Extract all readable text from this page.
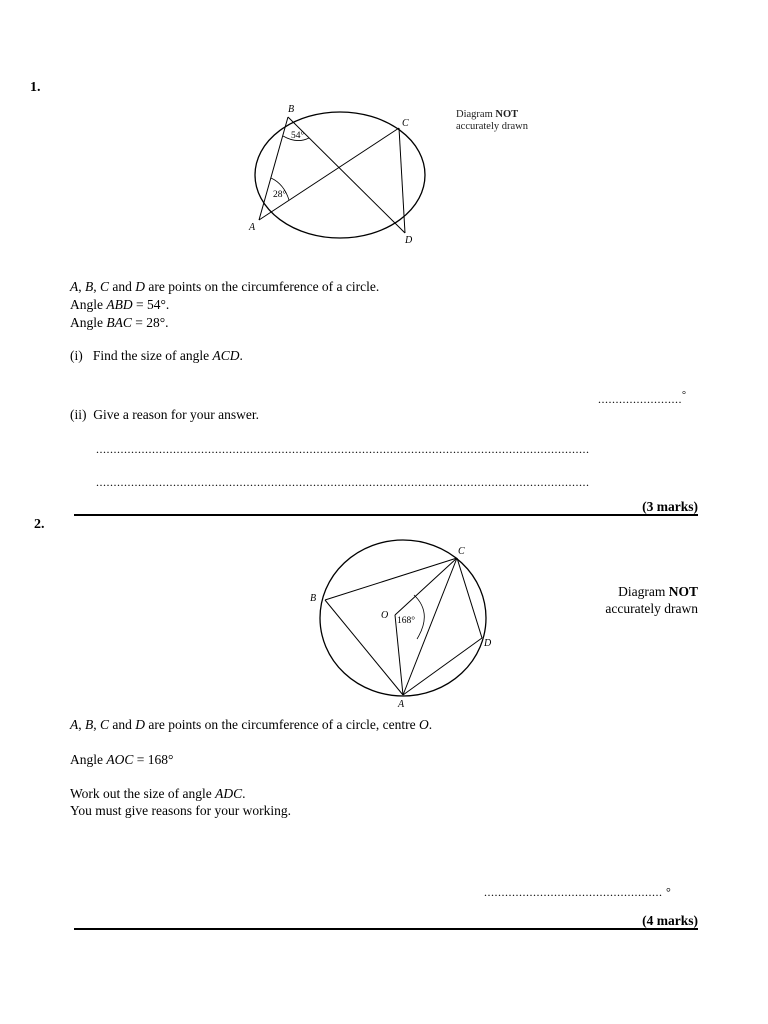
1.
B
C
A
D
54°
28°
Diagram NOT
accurately drawn
A, B, C and D are points on the circumference of a circle.
Angle ABD = 54°.
Angle BAC = 28°.
(i) Find the size of angle ACD.
........................°
(ii) Give a reason for your answer.
.............................................................................................................................................
.............................................................................................................................................
(3 marks)
2.
O 168°
B
C
D
A
Diagram NOT
accurately drawn
A, B, C and D are points on the circumference of a circle, centre O.
Angle AOC = 168°
Work out the size of angle ADC.
You must give reasons for your working.
................................................... °
(4 marks)
